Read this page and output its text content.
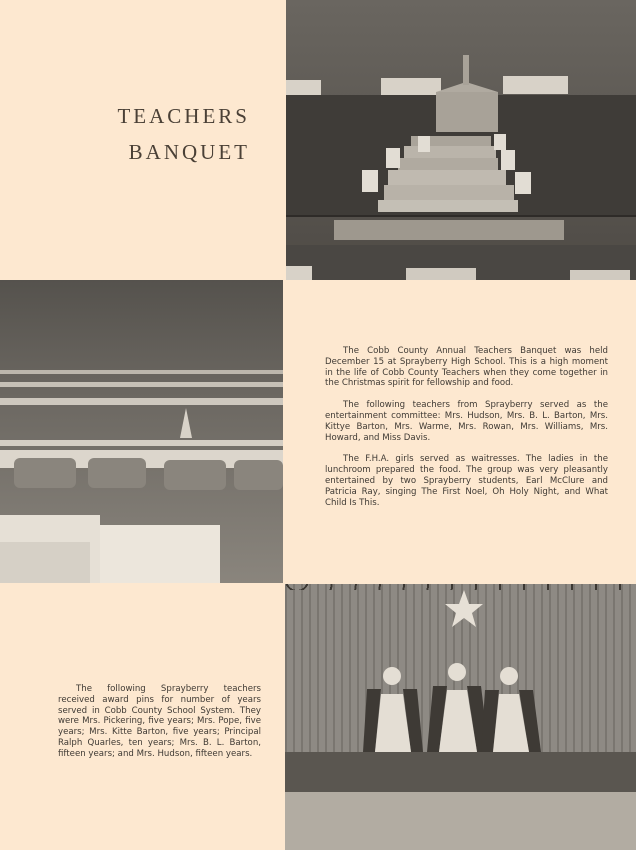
TEACHERS
BANQUET

The Cobb County Annual Teachers Banquet was held December 15 at Sprayberry High School. This is a high moment in the life of Cobb County Teachers when they come together in the Christmas spirit for fellowship and food.

The following teachers from Sprayberry served as the entertainment committee: Mrs. Hudson, Mrs. B. L. Barton, Mrs. Kittye Barton, Mrs. Warme, Mrs. Rowan, Mrs. Williams, Mrs. Howard, and Miss Davis.

The F.H.A. girls served as waitresses. The ladies in the lunchroom prepared the food. The group was very pleasantly entertained by two Sprayberry students, Earl McClure and Patricia Ray, singing The First Noel, Oh Holy Night, and What Child Is This.

The following Sprayberry teachers received award pins for number of years served in Cobb County School System. They were Mrs. Pickering, five years; Mrs. Pope, five years; Mrs. Kitte Barton, five years; Principal Ralph Quarles, ten years; Mrs. B. L. Barton, fifteen years; and Mrs. Hudson, fifteen years.
